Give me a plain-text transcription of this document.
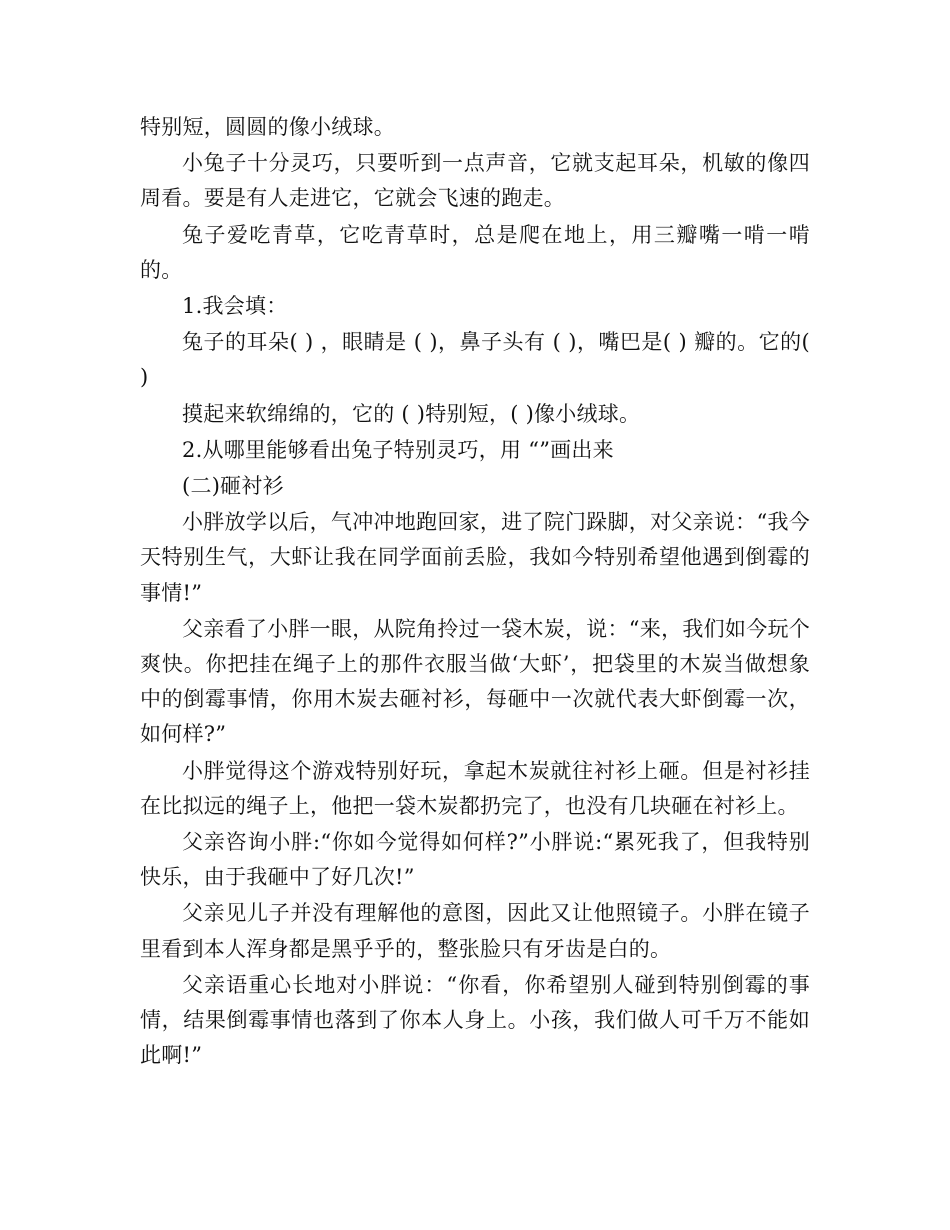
特别短，圆圆的像小绒球。

小兔子十分灵巧，只要听到一点声音，它就支起耳朵，机敏的像四周看。要是有人走进它，它就会飞速的跑走。

兔子爱吃青草，它吃青草时，总是爬在地上，用三瓣嘴一啃一啃的。

1.我会填：

兔子的耳朵( ) ，眼睛是 ( )，鼻子头有 ( )，嘴巴是( ) 瓣的。它的( )

摸起来软绵绵的，它的 ( )特别短，( )像小绒球。

2.从哪里能够看出兔子特别灵巧，用 “”画出来

(二)砸衬衫

小胖放学以后，气冲冲地跑回家，进了院门跺脚，对父亲说：“我今天特别生气，大虾让我在同学面前丢脸，我如今特别希望他遇到倒霉的事情!”

父亲看了小胖一眼，从院角拎过一袋木炭，说：“来，我们如今玩个爽快。你把挂在绳子上的那件衣服当做‘大虾’，把袋里的木炭当做想象中的倒霉事情，你用木炭去砸衬衫，每砸中一次就代表大虾倒霉一次，如何样?”

小胖觉得这个游戏特别好玩，拿起木炭就往衬衫上砸。但是衬衫挂在比拟远的绳子上，他把一袋木炭都扔完了，也没有几块砸在衬衫上。

父亲咨询小胖:“你如今觉得如何样?”小胖说:“累死我了，但我特别快乐，由于我砸中了好几次!”

父亲见儿子并没有理解他的意图，因此又让他照镜子。小胖在镜子里看到本人浑身都是黑乎乎的，整张脸只有牙齿是白的。

父亲语重心长地对小胖说：“你看，你希望别人碰到特别倒霉的事情，结果倒霉事情也落到了你本人身上。小孩，我们做人可千万不能如此啊!”
